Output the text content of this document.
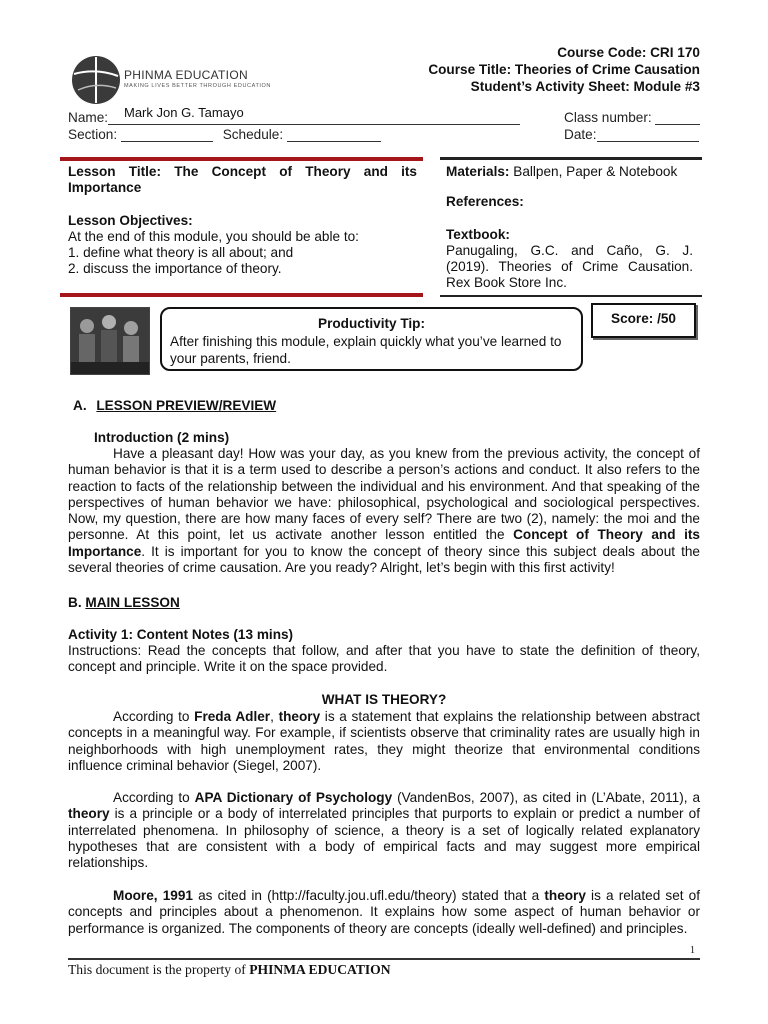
PHINMA EDUCATION
MAKING LIVES BETTER THROUGH EDUCATION
Course Code: CRI 170
Course Title: Theories of Crime Causation
Student’s Activity Sheet: Module #3
Name:	Mark Jon G. Tamayo	Class number:
Section:	Schedule:	Date:
Lesson Title: The Concept of Theory and its Importance
Lesson Objectives:
At the end of this module, you should be able to:
1. define what theory is all about; and
2. discuss the importance of theory.
Materials: Ballpen, Paper & Notebook
References:
Textbook:
Panugaling, G.C. and Caño, G. J. (2019). Theories of Crime Causation. Rex Book Store Inc.
Productivity Tip:
After finishing this module, explain quickly what you’ve learned to your parents, friend.
Score: /50
A. LESSON PREVIEW/REVIEW
Introduction (2 mins)
Have a pleasant day! How was your day, as you knew from the previous activity, the concept of human behavior is that it is a term used to describe a person’s actions and conduct. It also refers to the reaction to facts of the relationship between the individual and his environment. And that speaking of the perspectives of human behavior we have: philosophical, psychological and sociological perspectives. Now, my question, there are how many faces of every self? There are two (2), namely: the moi and the personne. At this point, let us activate another lesson entitled the Concept of Theory and its Importance. It is important for you to know the concept of theory since this subject deals about the several theories of crime causation. Are you ready? Alright, let’s begin with this first activity!
B. MAIN LESSON
Activity 1: Content Notes (13 mins)
Instructions: Read the concepts that follow, and after that you have to state the definition of theory, concept and principle. Write it on the space provided.
WHAT IS THEORY?
According to Freda Adler, theory is a statement that explains the relationship between abstract concepts in a meaningful way. For example, if scientists observe that criminality rates are usually high in neighborhoods with high unemployment rates, they might theorize that environmental conditions influence criminal behavior (Siegel, 2007).
According to APA Dictionary of Psychology (VandenBos, 2007), as cited in (L’Abate, 2011), a theory is a principle or a body of interrelated principles that purports to explain or predict a number of interrelated phenomena. In philosophy of science, a theory is a set of logically related explanatory hypotheses that are consistent with a body of empirical facts and may suggest more empirical relationships.
Moore, 1991 as cited in (http://faculty.jou.ufl.edu/theory) stated that a theory is a related set of concepts and principles about a phenomenon. It explains how some aspect of human behavior or performance is organized. The components of theory are concepts (ideally well-defined) and principles.
1
This document is the property of PHINMA EDUCATION
